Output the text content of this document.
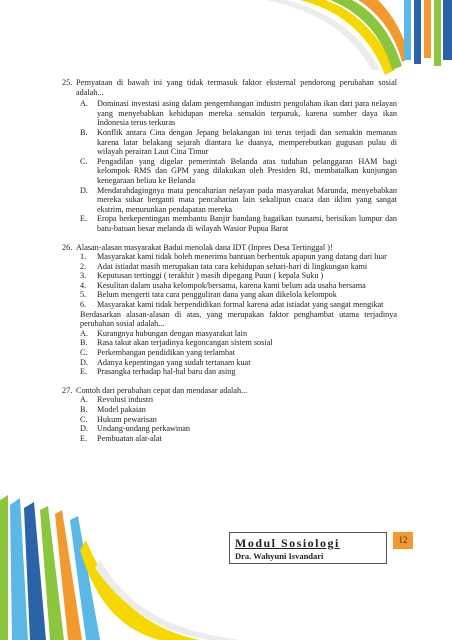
25. Pernyataan di bawah ini yang tidak termasuk faktor eksternal pendorong perubahan sosial adalah...
A.	Dominasi investasi asing dalam pengembangan industri pengolahan ikan dari para nelayan yang menyebabkan kehidupan mereka semakin terpuruk, karena sumber daya ikan Indonesia terus terkuras
B.	Konflik antara Cina dengan Jepang belakangan ini terus terjadi dan semakin memanas karena latar belakang sejarah diantara ke duanya, memperebutkan gugusan pulau di wilayah perairan Laut Cina Timur
C.	Pengadilan yang digelar pemerintah Belanda atas tuduhan pelanggaran HAM bagi kelompok RMS dan GPM yang dilakukan oleh Presiden RI, membatalkan kunjungan kenegaraan beliau ke Belanda
D.	Mendarahdagingnya mata pencaharian nelayan pada masyarakat Marunda, menyebabkan mereka sukar berganti mata pencaharian lain sekalipun cuaca dan iklim yang sangat ekstrim, menurunkan pendapatan mereka
E.	Eropa berkepentingan membantu Banjir bandang bagaikan tsunami, berisikan lumpur dan batu-batuan besar melanda di wilayah Wasior Pupua Barat
26. Alasan-alasan masyarakat Badui menolak dana IDT (Inpres Desa Tertinggal )!
1.	Masyarakat kami tidak boleh menerima bantuan berbentuk apapun yang datang dari luar
2.	Adat istiadat masih merupakan tata cara kehidupan sehari-hari di lingkungan kami
3.	Keputusan tertinggi ( terakhir ) masih dipegang Puun ( kepala Suku )
4.	Kesulitan dalam usaha kelompok/bersama, karena kami belum ada usaha bersama
5.	Belum mengerti tata cara pengguliran dana yang akan dikelola kelompok
6.	Masyarakat kami tidak berpendidikan formal karena adat istiadat yang sangat mengikat
Berdasarkan alasan-alasan di atas, yang merupakan faktor penghambat utama terjadinya perubahan sosial adalah...
A.	Kurangnya hubungan dengan masyarakat lain
B.	Rasa takut akan terjadinya kegoncangan sistem sosial
C.	Perkembangan pendidikan yang terlambat
D.	Adanya kepentingan yang sudah tertanam kuat
E.	Prasangka terhadap hal-hal baru dan asing
27. Contoh dari perubahan cepat dan mendasar adalah...
A.	Revolusi industri
B.	Model pakaian
C.	Hukum pewarisan
D.	Undang-undang perkawinan
E.	Pembuatan alat-alat
Modul Sosiologi
Dra. Wahyuni Isvandari
12
